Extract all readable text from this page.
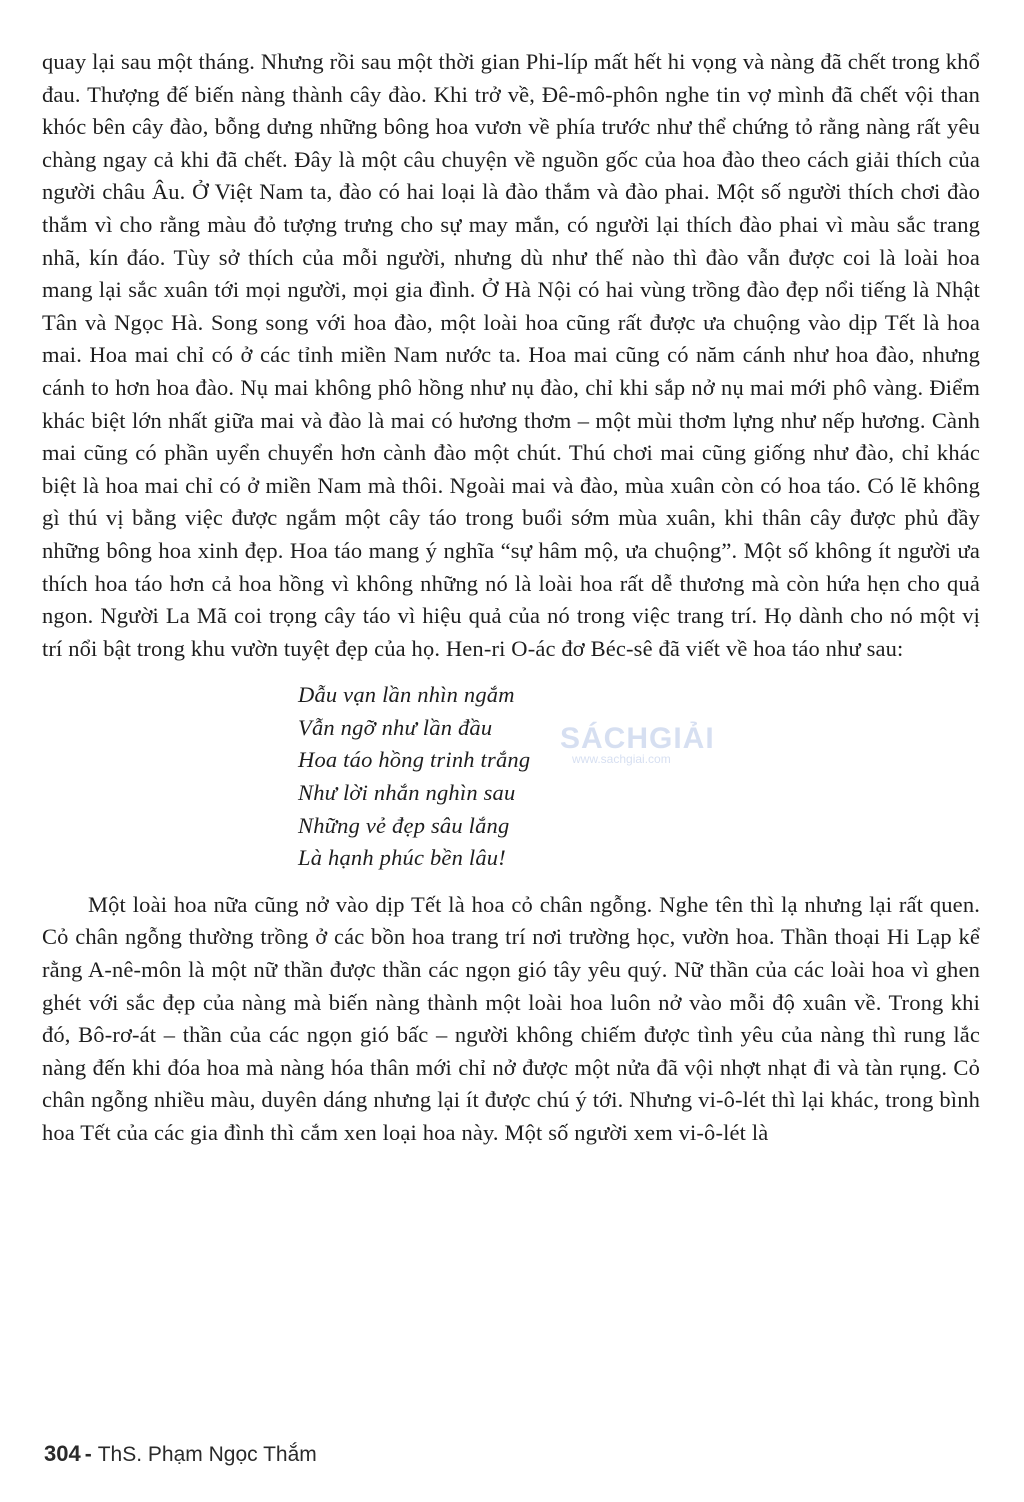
quay lại sau một tháng. Nhưng rồi sau một thời gian Phi-líp mất hết hi vọng và nàng đã chết trong khổ đau. Thượng đế biến nàng thành cây đào. Khi trở về, Đê-mô-phôn nghe tin vợ mình đã chết vội than khóc bên cây đào, bỗng dưng những bông hoa vươn về phía trước như thể chứng tỏ rằng nàng rất yêu chàng ngay cả khi đã chết. Đây là một câu chuyện về nguồn gốc của hoa đào theo cách giải thích của người châu Âu. Ở Việt Nam ta, đào có hai loại là đào thắm và đào phai. Một số người thích chơi đào thắm vì cho rằng màu đỏ tượng trưng cho sự may mắn, có người lại thích đào phai vì màu sắc trang nhã, kín đáo. Tùy sở thích của mỗi người, nhưng dù như thế nào thì đào vẫn được coi là loài hoa mang lại sắc xuân tới mọi người, mọi gia đình. Ở Hà Nội có hai vùng trồng đào đẹp nổi tiếng là Nhật Tân và Ngọc Hà. Song song với hoa đào, một loài hoa cũng rất được ưa chuộng vào dịp Tết là hoa mai. Hoa mai chỉ có ở các tỉnh miền Nam nước ta. Hoa mai cũng có năm cánh như hoa đào, nhưng cánh to hơn hoa đào. Nụ mai không phô hồng như nụ đào, chỉ khi sắp nở nụ mai mới phô vàng. Điểm khác biệt lớn nhất giữa mai và đào là mai có hương thơm – một mùi thơm lựng như nếp hương. Cành mai cũng có phần uyển chuyển hơn cành đào một chút. Thú chơi mai cũng giống như đào, chỉ khác biệt là hoa mai chỉ có ở miền Nam mà thôi. Ngoài mai và đào, mùa xuân còn có hoa táo. Có lẽ không gì thú vị bằng việc được ngắm một cây táo trong buổi sớm mùa xuân, khi thân cây được phủ đầy những bông hoa xinh đẹp. Hoa táo mang ý nghĩa “sự hâm mộ, ưa chuộng”. Một số không ít người ưa thích hoa táo hơn cả hoa hồng vì không những nó là loài hoa rất dễ thương mà còn hứa hẹn cho quả ngon. Người La Mã coi trọng cây táo vì hiệu quả của nó trong việc trang trí. Họ dành cho nó một vị trí nổi bật trong khu vườn tuyệt đẹp của họ. Hen-ri O-ác đơ Béc-sê đã viết về hoa táo như sau:

Dẫu vạn lần nhìn ngắm
Vẫn ngỡ như lần đầu
Hoa táo hồng trinh trắng
Như lời nhắn nghìn sau
Những vẻ đẹp sâu lắng
Là hạnh phúc bền lâu!

Một loài hoa nữa cũng nở vào dịp Tết là hoa cỏ chân ngỗng. Nghe tên thì lạ nhưng lại rất quen. Cỏ chân ngỗng thường trồng ở các bồn hoa trang trí nơi trường học, vườn hoa. Thần thoại Hi Lạp kể rằng A-nê-môn là một nữ thần được thần các ngọn gió tây yêu quý. Nữ thần của các loài hoa vì ghen ghét với sắc đẹp của nàng mà biến nàng thành một loài hoa luôn nở vào mỗi độ xuân về. Trong khi đó, Bô-rơ-át – thần của các ngọn gió bấc – người không chiếm được tình yêu của nàng thì rung lắc nàng đến khi đóa hoa mà nàng hóa thân mới chỉ nở được một nửa đã vội nhợt nhạt đi và tàn rụng. Cỏ chân ngỗng nhiều màu, duyên dáng nhưng lại ít được chú ý tới. Nhưng vi-ô-lét thì lại khác, trong bình hoa Tết của các gia đình thì cắm xen loại hoa này. Một số người xem vi-ô-lét là

SÁCHGIẢI
www.sachgiai.com
304 - ThS. Phạm Ngọc Thắm
